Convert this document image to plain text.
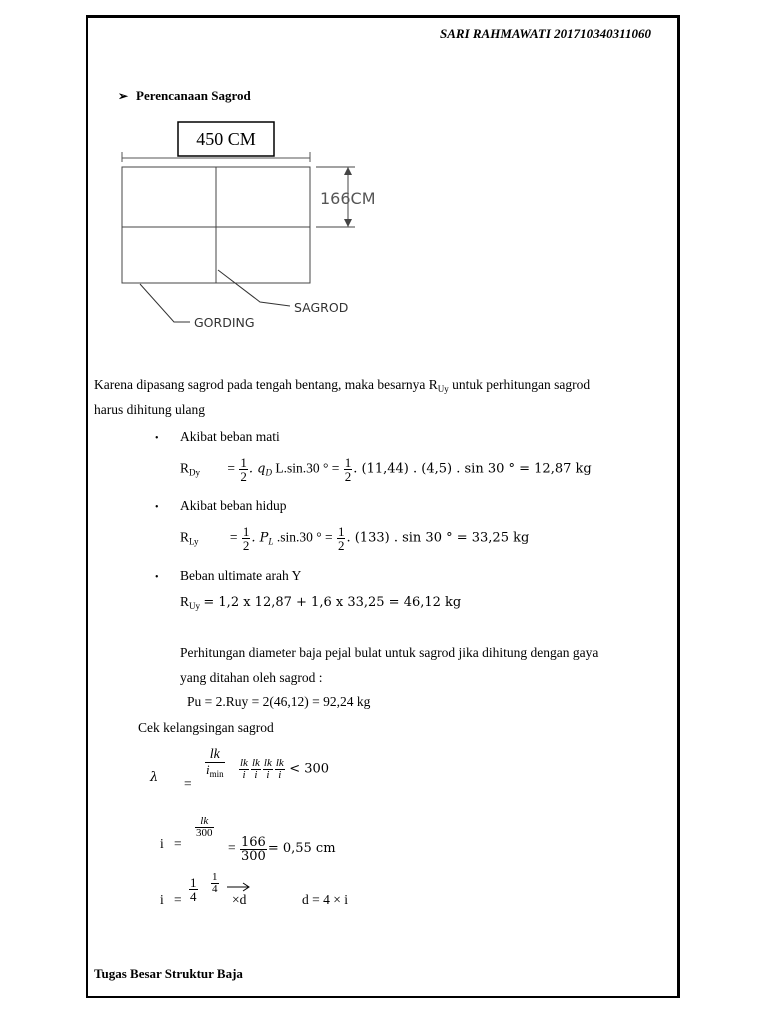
SARI RAHMAWATI 201710340311060
➢ Perencanaan Sagrod
450 CM
166CM
SAGROD
GORDING
Karena dipasang sagrod pada tengah bentang, maka besarnya $R_{Uy}$ untuk perhitungan sagrod
harus dihitung ulang
• Akibat beban mati
$R_{Dy} = \frac{1}{2}$ . $q_D$ L.sin.30 ° = $\frac{1}{2}$ . (11,44) . (4,5) . sin 30 ° = 12,87 kg
• Akibat beban hidup
$R_{Ly} = \frac{1}{2}$ . $P_L$ .sin.30 ° = $\frac{1}{2}$ . (133) . sin 30 ° = 33,25 kg
• Beban ultimate arah Y
$R_{Uy} = 1,2$ x 12,87 + 1,6 x 33,25 = 46,12 kg
Perhitungan diameter baja pejal bulat untuk sagrod jika dihitung dengan gaya
yang ditahan oleh sagrod :
Pu = 2.Ruy = 2(46,12) = 92,24 kg
Cek kelangsingan sagrod
λ =
lk
$i_{min} \frac{lk}{i} \frac{lk}{i} \frac{lk}{i} \frac{lk}{i} < 300$
i =
$\frac{lk}{300}$
= $\frac{166}{300} = 0,55$ cm
$i = \frac{1}{4} \frac{1}{4}$
×d	d = 4 × i
Tugas Besar Struktur Baja
